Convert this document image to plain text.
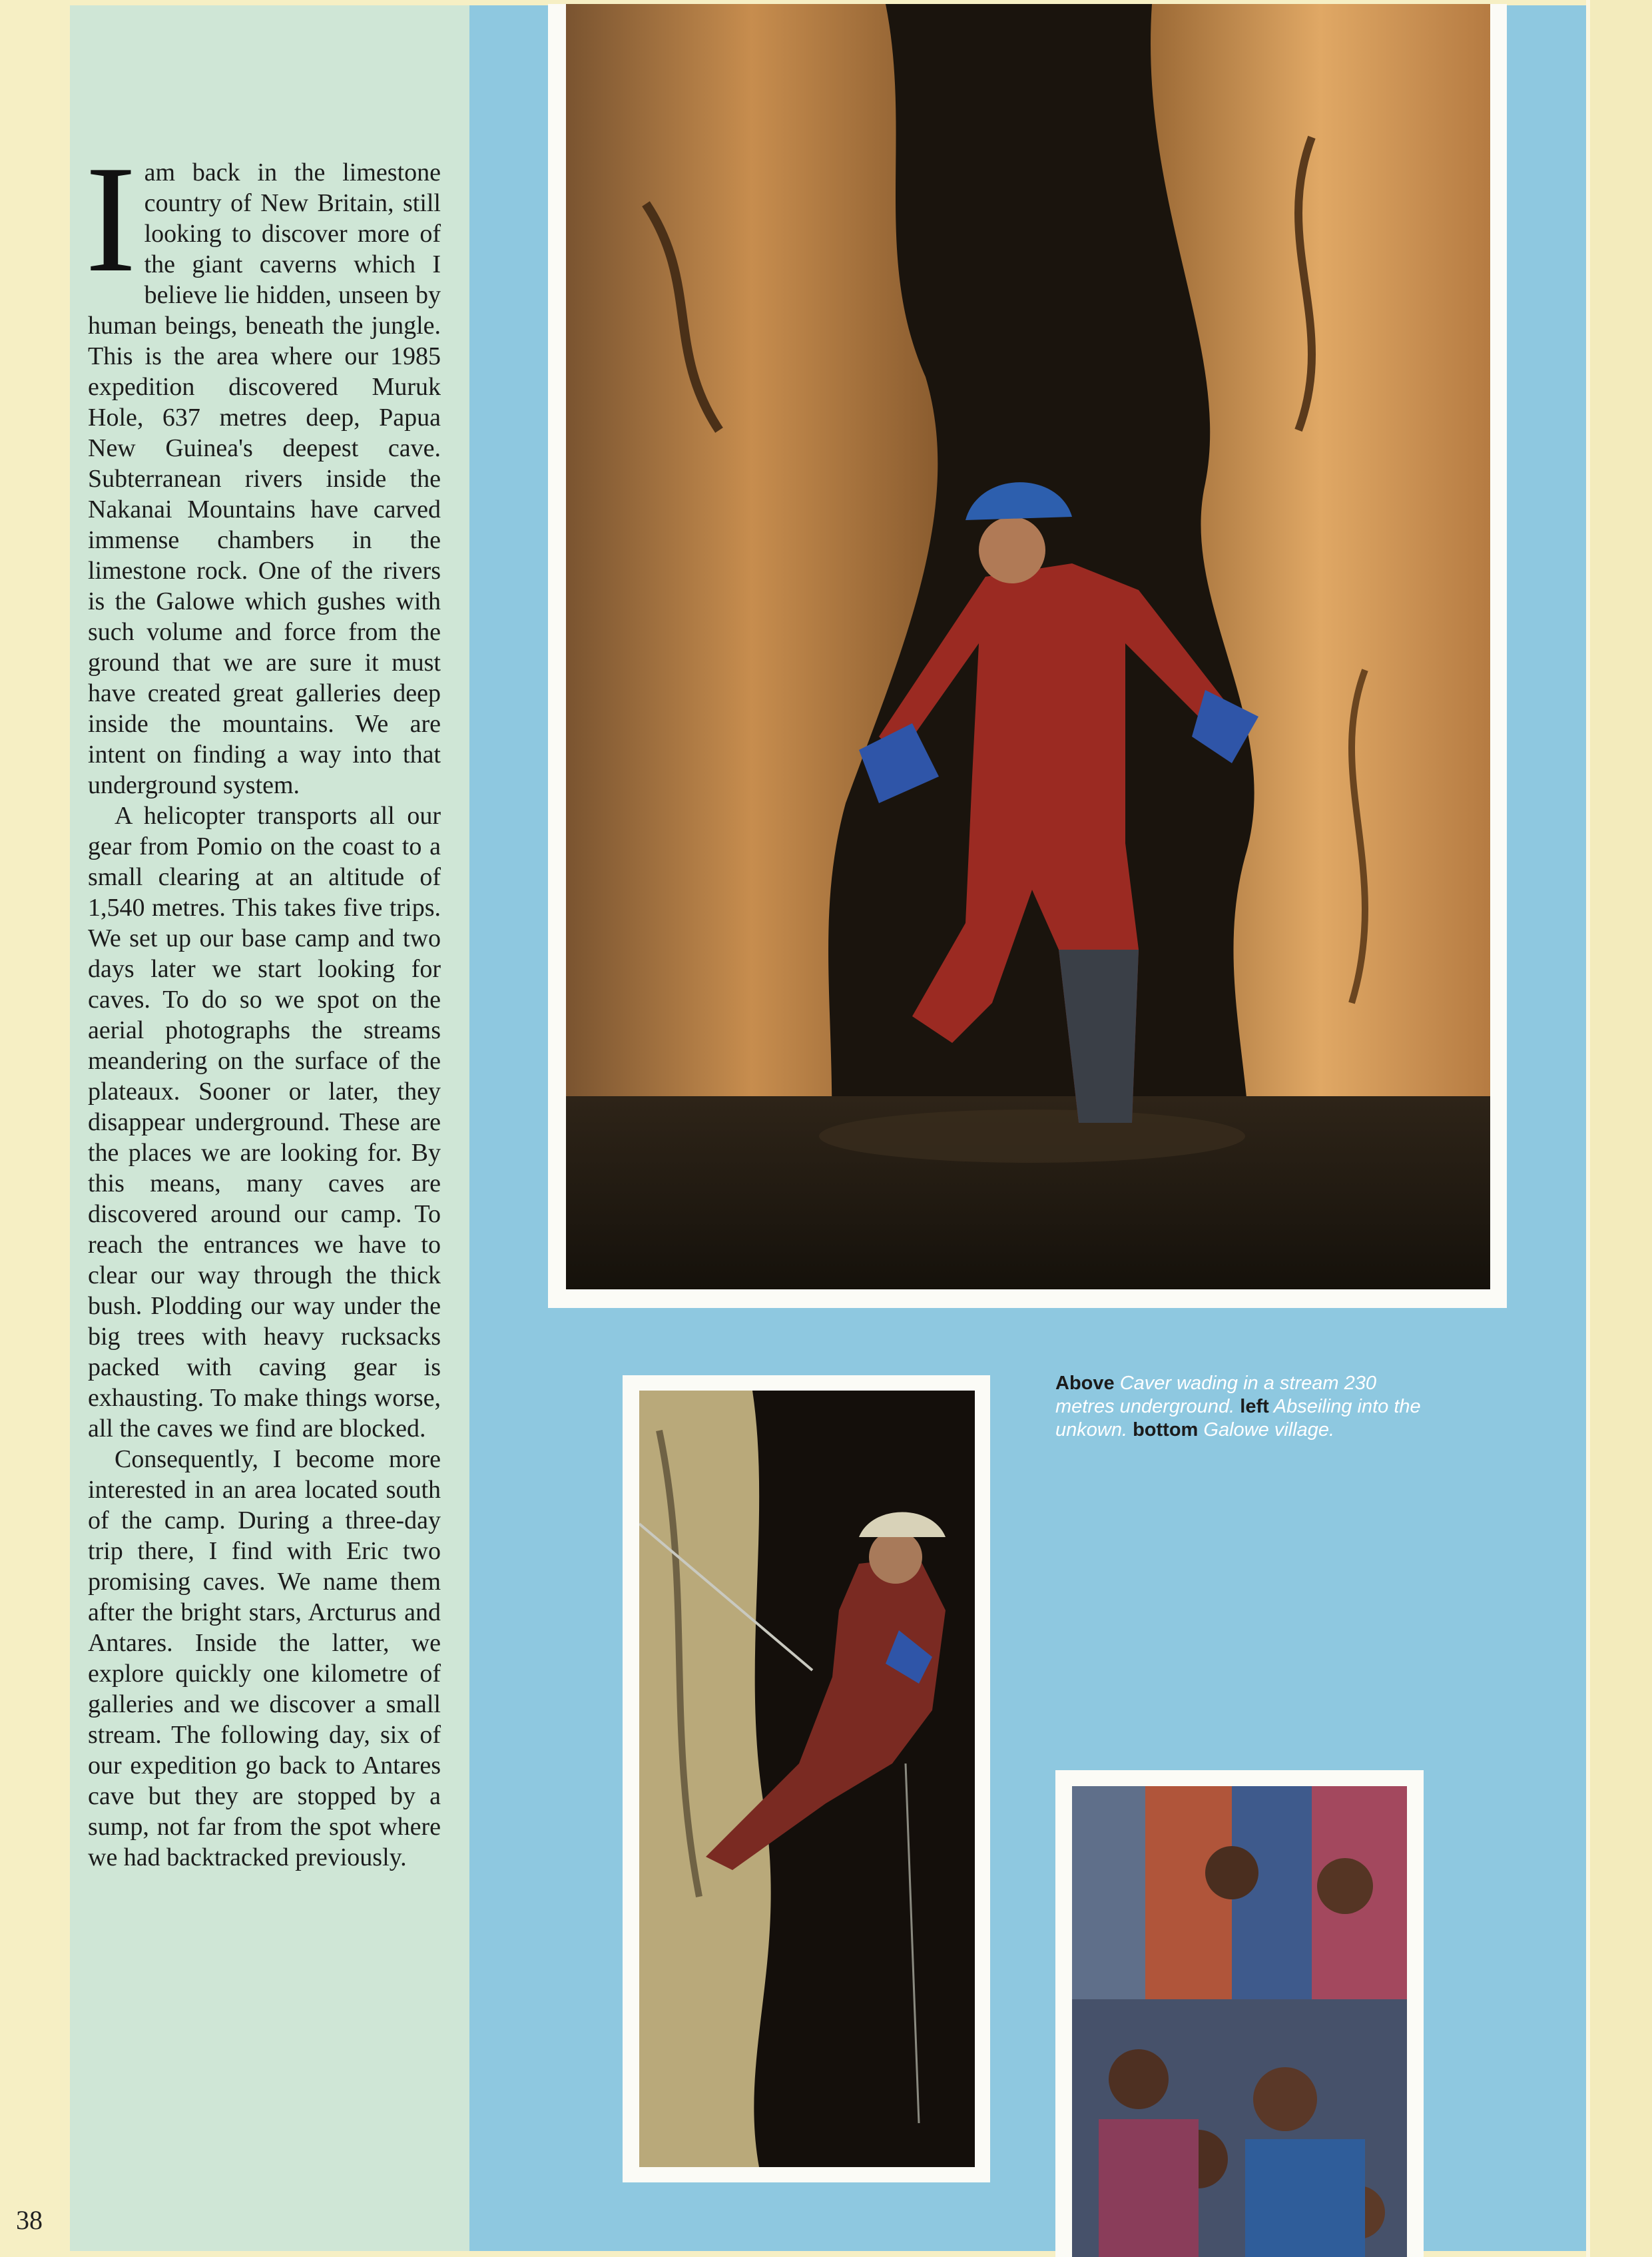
Iam back in the limestone country of New Britain, still looking to discover more of the giant caverns which I believe lie hidden, unseen by human beings, beneath the jungle. This is the area where our 1985 expedition discovered Muruk Hole, 637 metres deep, Papua New Guinea's deepest cave. Subterranean rivers inside the Nakanai Mountains have carved immense chambers in the limestone rock. One of the rivers is the Galowe which gushes with such volume and force from the ground that we are sure it must have created great galleries deep inside the mountains. We are intent on finding a way into that underground system.

A helicopter transports all our gear from Pomio on the coast to a small clearing at an altitude of 1,540 metres. This takes five trips. We set up our base camp and two days later we start looking for caves. To do so we spot on the aerial photographs the streams meandering on the surface of the plateaux. Sooner or later, they disappear underground. These are the places we are looking for. By this means, many caves are discovered around our camp. To reach the entrances we have to clear our way through the thick bush. Plodding our way under the big trees with heavy rucksacks packed with caving gear is exhausting. To make things worse, all the caves we find are blocked.

Consequently, I become more interested in an area located south of the camp. During a three-day trip there, I find with Eric two promising caves. We name them after the bright stars, Arcturus and Antares. Inside the latter, we explore quickly one kilometre of galleries and we discover a small stream. The following day, six of our expedition go back to Antares cave but they are stopped by a sump, not far from the spot where we had backtracked previously.

38
Above Caver wading in a stream 230 metres underground. left Abseiling into the unkown. bottom Galowe village.
